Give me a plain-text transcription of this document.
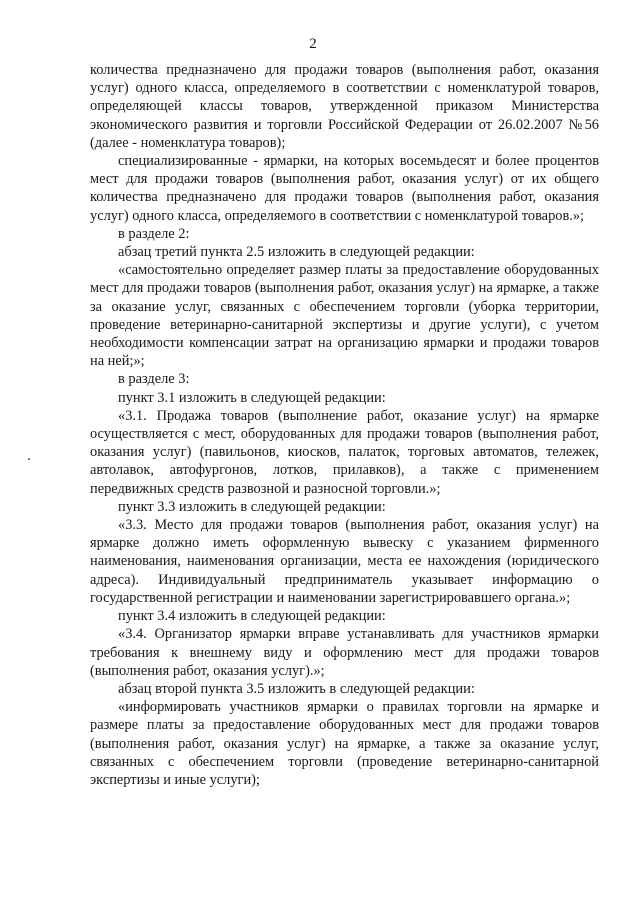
2

количества предназначено для продажи товаров (выполнения работ, оказания услуг) одного класса, определяемого в соответствии с номенклатурой товаров, определяющей классы товаров, утвержденной приказом Министерства экономического развития и торговли Российской Федерации от 26.02.2007 №56 (далее - номенклатура товаров);

специализированные - ярмарки, на которых восемьдесят и более процентов мест для продажи товаров (выполнения работ, оказания услуг) от их общего количества предназначено для продажи товаров (выполнения работ, оказания услуг) одного класса, определяемого в соответствии с номенклатурой товаров.»;

в разделе 2:

абзац третий пункта 2.5 изложить в следующей редакции:

«самостоятельно определяет размер платы за предоставление оборудованных мест для продажи товаров (выполнения работ, оказания услуг) на ярмарке, а также за оказание услуг, связанных с обеспечением торговли (уборка территории, проведение ветеринарно-санитарной экспертизы и другие услуги), с учетом необходимости компенсации затрат на организацию ярмарки и продажи товаров на ней;»;

в разделе 3:

пункт 3.1 изложить в следующей редакции:

«3.1. Продажа товаров (выполнение работ, оказание услуг) на ярмарке осуществляется с мест, оборудованных для продажи товаров (выполнения работ, оказания услуг) (павильонов, киосков, палаток, торговых автоматов, тележек, автолавок, автофургонов, лотков, прилавков), а также с применением передвижных средств развозной и разносной торговли.»;

пункт 3.3 изложить в следующей редакции:

«3.3. Место для продажи товаров (выполнения работ, оказания услуг) на ярмарке должно иметь оформленную вывеску с указанием фирменного наименования, наименования организации, места ее нахождения (юридического адреса). Индивидуальный предприниматель указывает информацию о государственной регистрации и наименовании зарегистрировавшего органа.»;

пункт 3.4 изложить в следующей редакции:

«3.4. Организатор ярмарки вправе устанавливать для участников ярмарки требования к внешнему виду и оформлению мест для продажи товаров (выполнения работ, оказания услуг).»;

абзац второй пункта 3.5 изложить в следующей редакции:

«информировать участников ярмарки о правилах торговли на ярмарке и размере платы за предоставление оборудованных мест для продажи товаров (выполнения работ, оказания услуг) на ярмарке, а также за оказание услуг, связанных с обеспечением торговли (проведение ветеринарно-санитарной экспертизы и иные услуги);
